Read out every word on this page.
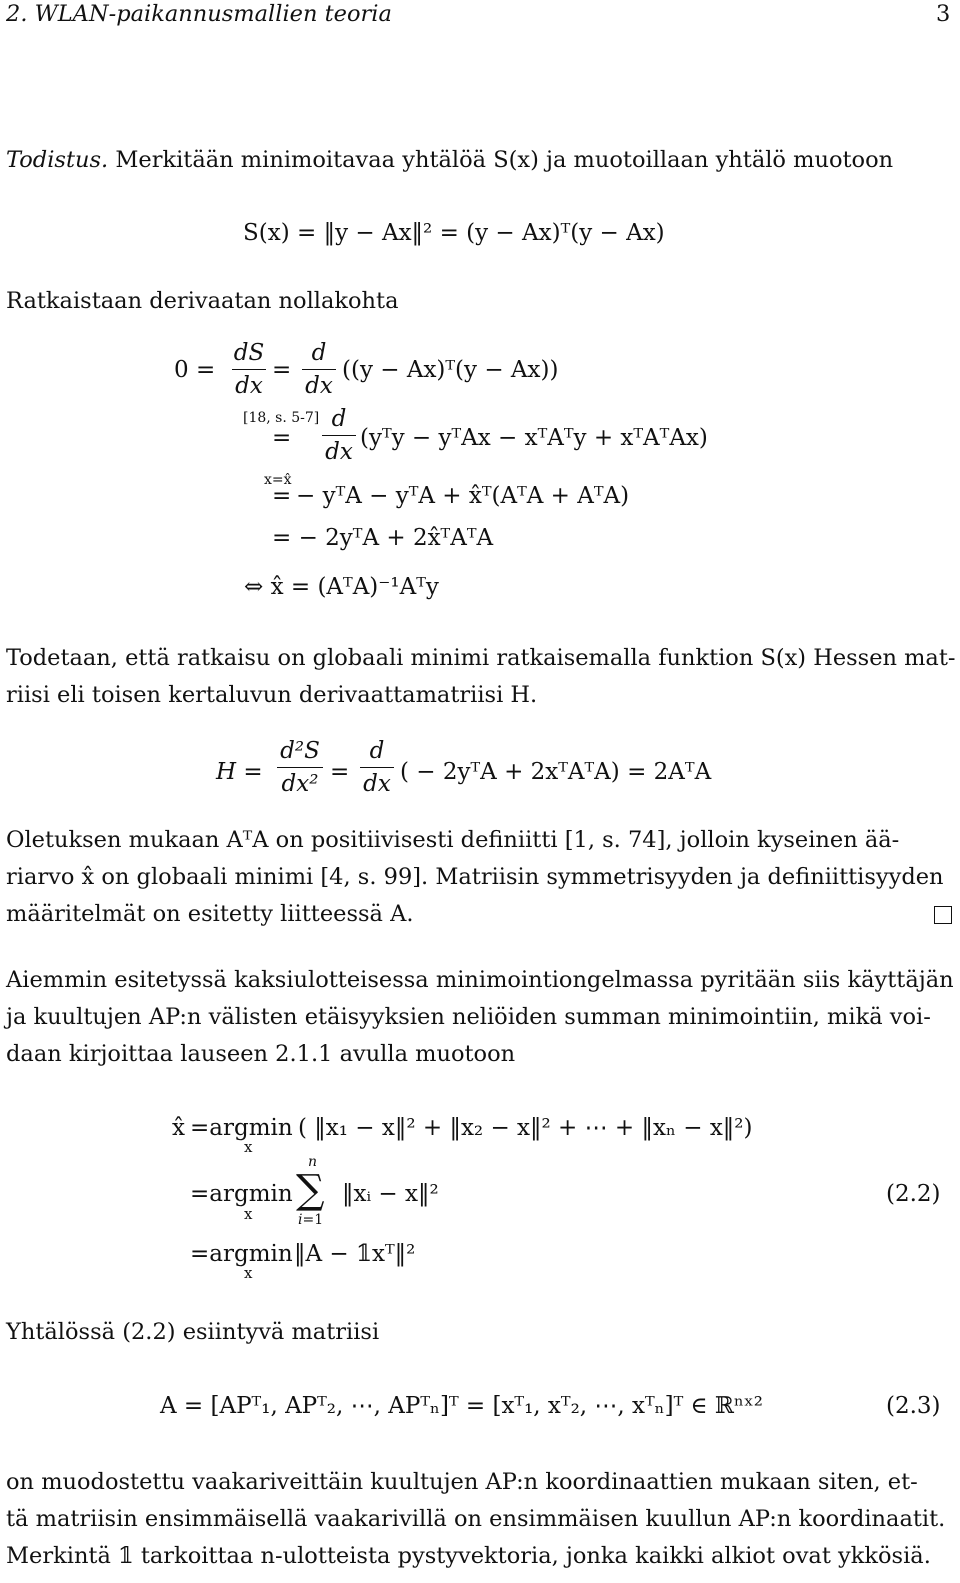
2. WLAN-paikannusmallien teoria	3
Todistus. Merkitään minimoitavaa yhtälöä S(x) ja muotoillaan yhtälö muotoon
S(x) = ‖y − Ax‖² = (y − Ax)ᵀ(y − Ax)
Ratkaistaan derivaatan nollakohta
0 =
dS
dx
=
d
dx
((y − Ax)ᵀ(y − Ax))
[18, s. 5-7]
=
d
dx
(yᵀy − yᵀAx − xᵀAᵀy + xᵀAᵀAx)
x=x̂
= − yᵀA − yᵀA + x̂ᵀ(AᵀA + AᵀA)
= − 2yᵀA + 2x̂ᵀAᵀA
⇔ x̂ = (AᵀA)⁻¹Aᵀy
Todetaan, että ratkaisu on globaali minimi ratkaisemalla funktion S(x) Hessen mat-
riisi eli toisen kertaluvun derivaattamatriisi H.
H =
d²S
dx² =
d
dx ( − 2yᵀA + 2xᵀAᵀA) = 2AᵀA
Oletuksen mukaan AᵀA on positiivisesti definiitti [1, s. 74], jolloin kyseinen ää-
riarvo x̂ on globaali minimi [4, s. 99]. Matriisin symmetrisyyden ja definiittisyyden
määritelmät on esitetty liitteessä A.
Aiemmin esitetyssä kaksiulotteisessa minimointiongelmassa pyritään siis käyttäjän
ja kuultujen AP:n välisten etäisyyksien neliöiden summan minimointiin, mikä voi-
daan kirjoittaa lauseen 2.1.1 avulla muotoon
x̂ =argmin
x
( ‖x₁ − x‖² + ‖x₂ − x‖² + ⋯ + ‖xₙ − x‖²)
=argmin
x
n
∑
i=1
‖xᵢ − x‖²	(2.2)
=argmin
x
‖A − 𝟙xᵀ‖²
Yhtälössä (2.2) esiintyvä matriisi
A = [APᵀ₁, APᵀ₂, ⋯, APᵀₙ]ᵀ = [xᵀ₁, xᵀ₂, ⋯, xᵀₙ]ᵀ ∈ ℝⁿˣ²	(2.3)
on muodostettu vaakariveittäin kuultujen AP:n koordinaattien mukaan siten, et-
tä matriisin ensimmäisellä vaakarivillä on ensimmäisen kuullun AP:n koordinaatit.
Merkintä 𝟙 tarkoittaa n-ulotteista pystyvektoria, jonka kaikki alkiot ovat ykkösiä.
